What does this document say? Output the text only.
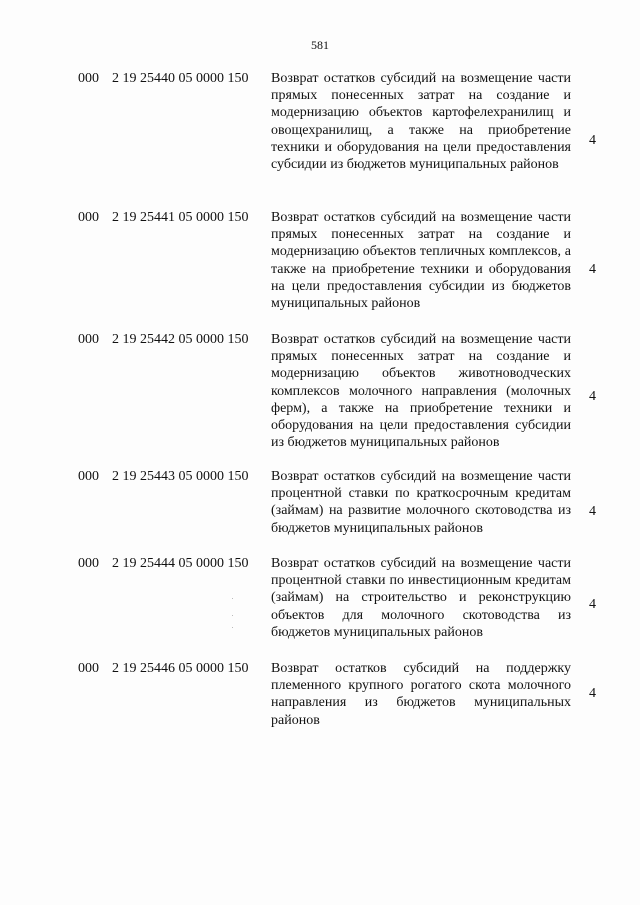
581
000 2 19 25440 05 0000 150 Возврат остатков субсидий на возмещение части прямых понесенных затрат на создание и модернизацию объектов картофелехранилищ и овощехранилищ, а также на приобретение техники и оборудования на цели предоставления субсидии из бюджетов муниципальных районов
4
000 2 19 25441 05 0000 150 Возврат остатков субсидий на возмещение части прямых понесенных затрат на создание и модернизацию объектов тепличных комплексов, а также на приобретение техники и оборудования на цели предоставления субсидии из бюджетов муниципальных районов
4
000 2 19 25442 05 0000 150 Возврат остатков субсидий на возмещение части прямых понесенных затрат на создание и модернизацию объектов животноводческих комплексов молочного направления (молочных ферм), а также на приобретение техники и оборудования на цели предоставления субсидии из бюджетов муниципальных районов
4
000 2 19 25443 05 0000 150 Возврат остатков субсидий на возмещение части процентной ставки по краткосрочным кредитам (займам) на развитие молочного скотоводства из бюджетов муниципальных районов
4
000 2 19 25444 05 0000 150 Возврат остатков субсидий на возмещение части процентной ставки по инвестиционным кредитам (займам) на строительство и реконструкцию объектов для молочного скотоводства из бюджетов муниципальных районов
4
000 2 19 25446 05 0000 150 Возврат остатков субсидий на поддержку племенного крупного рогатого скота молочного направления из бюджетов муниципальных районов
4
